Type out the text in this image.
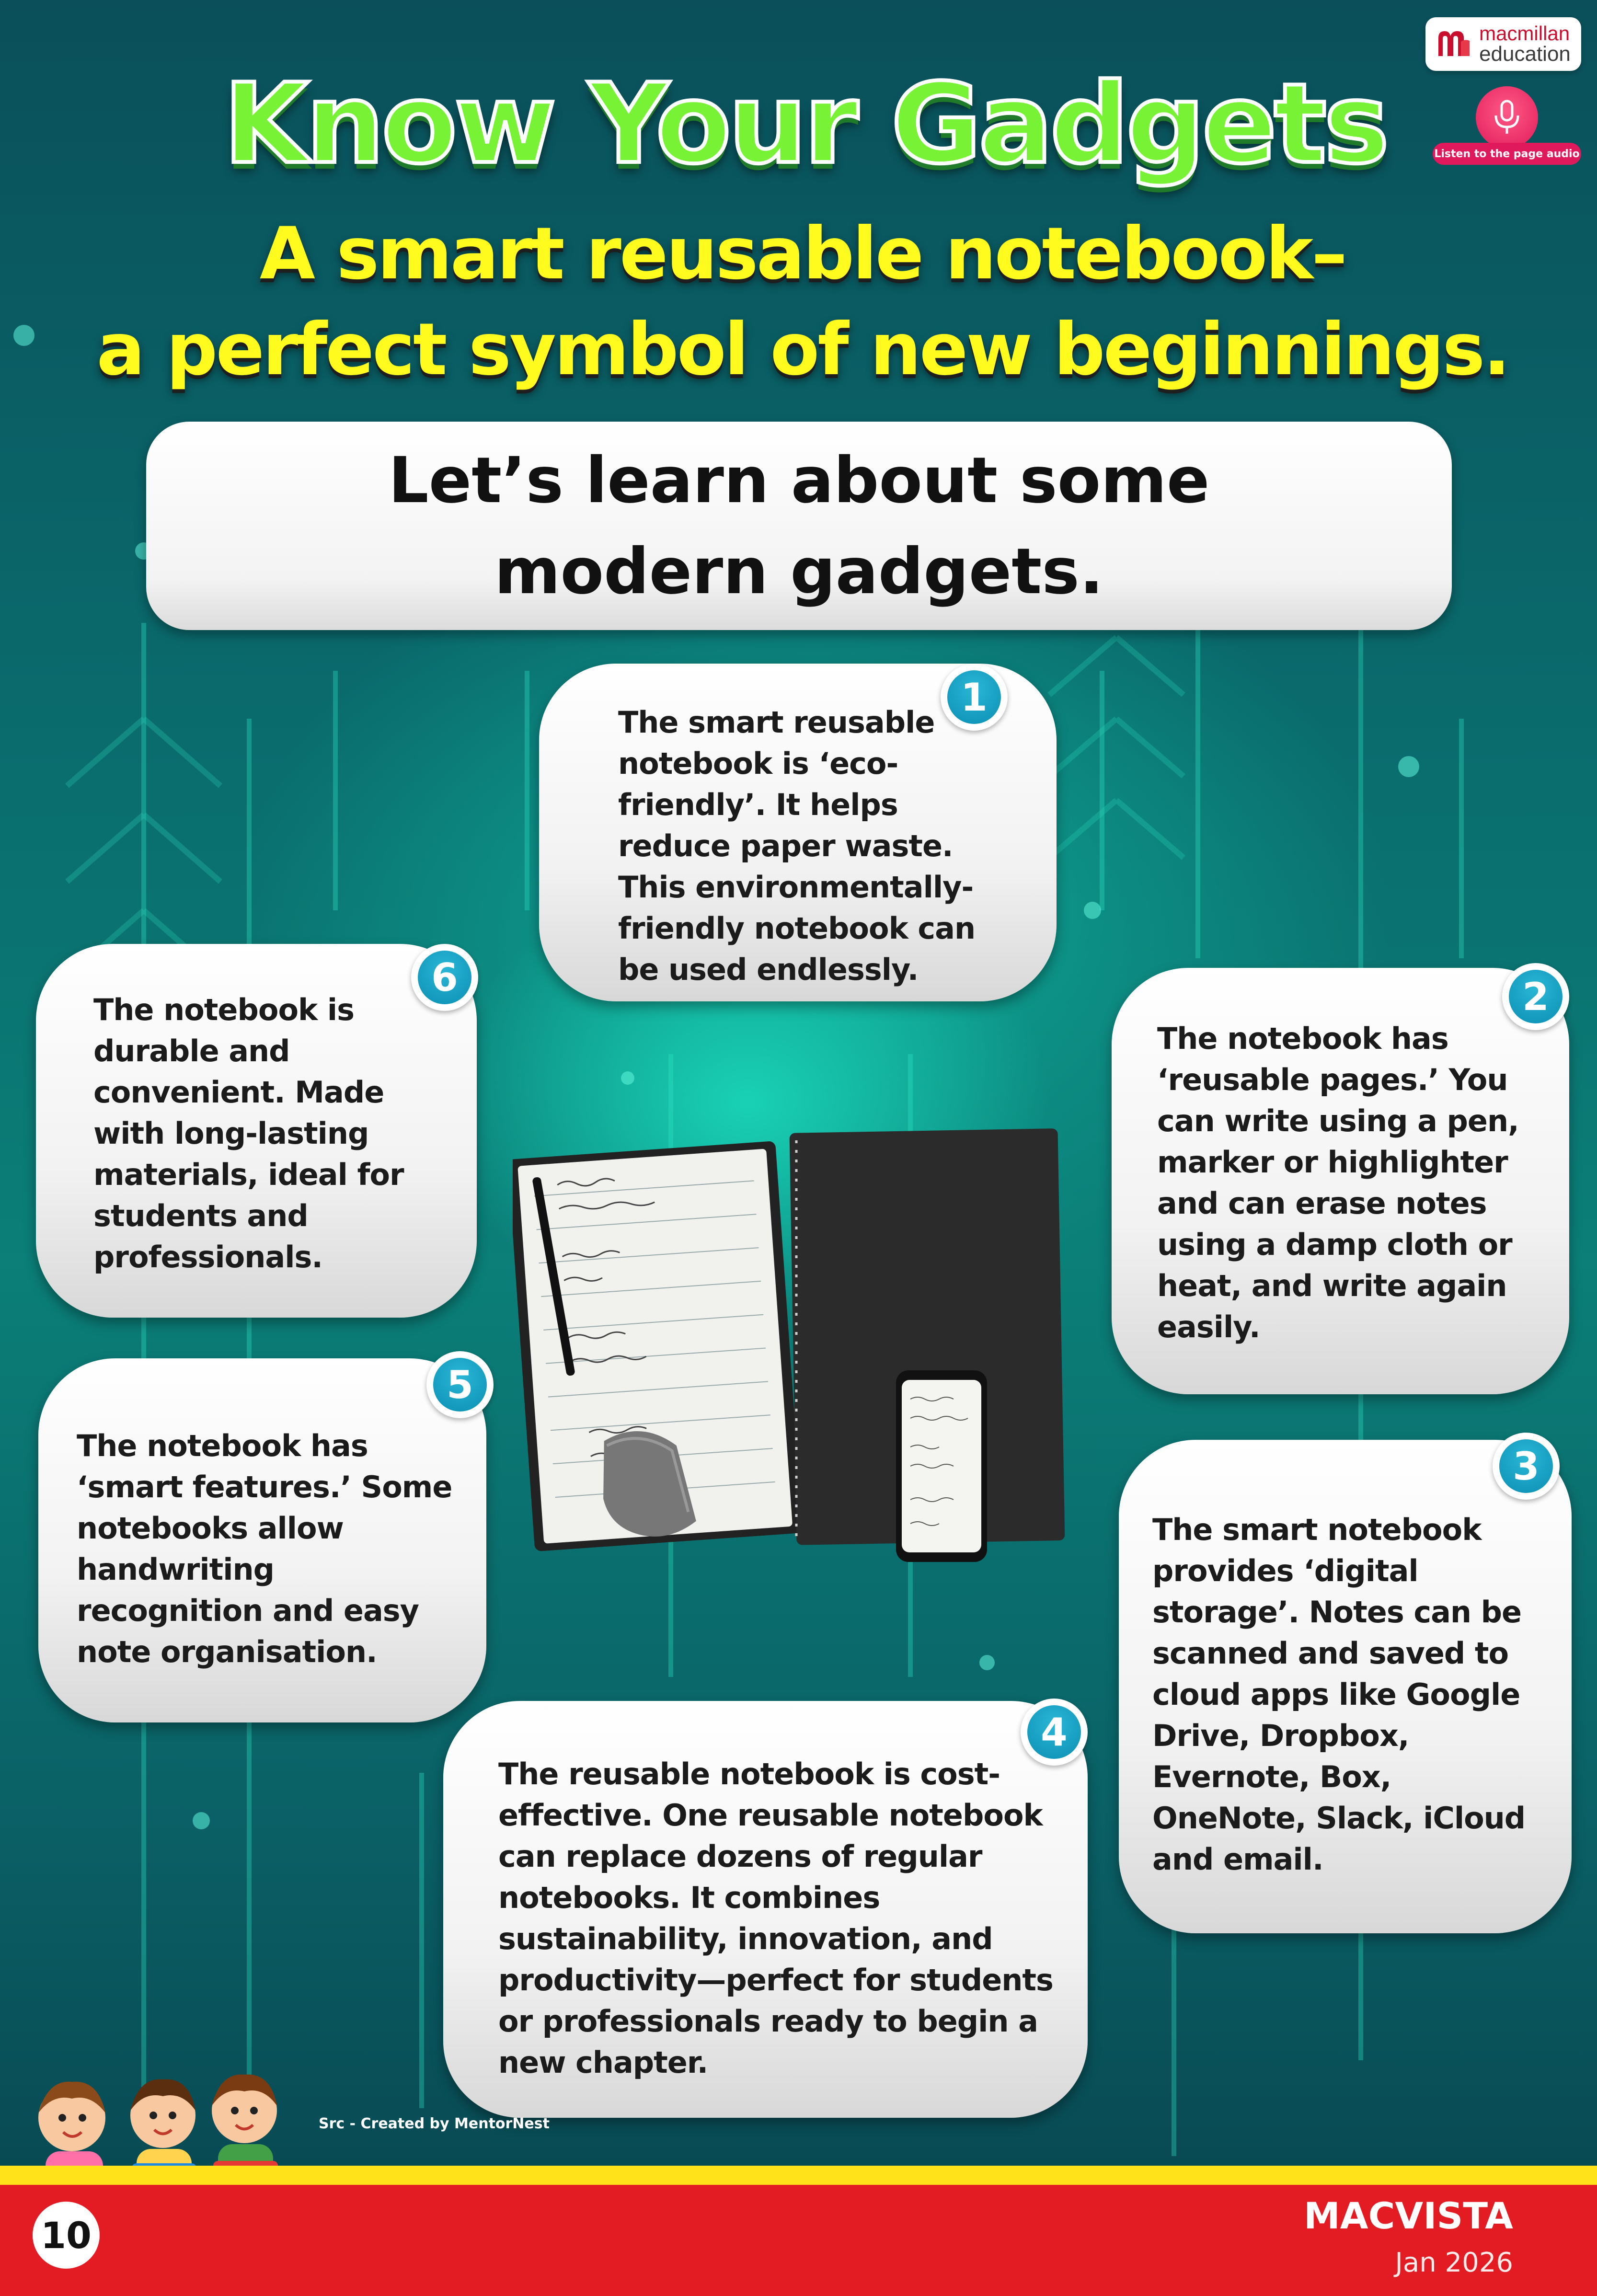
macmillan
education
Listen to the page audio
Know Your Gadgets
A smart reusable notebook–
a perfect symbol of new beginnings.
Let’s learn about some modern gadgets.
The smart reusable notebook is ‘eco-friendly’. It helps reduce paper waste. This environmentally-friendly notebook can be used endlessly.
1
The notebook has ‘reusable pages.’ You can write using a pen, marker or highlighter and can erase notes using a damp cloth or heat, and write again easily.
2
The smart notebook provides ‘digital storage’. Notes can be scanned and saved to cloud apps like Google Drive, Dropbox, Evernote, Box, OneNote, Slack, iCloud and email.
3
The reusable notebook is cost-effective. One reusable notebook can replace dozens of regular notebooks. It combines sustainability, innovation, and productivity—perfect for students or professionals ready to begin a new chapter.
4
The notebook has ‘smart features.’ Some notebooks allow handwriting recognition and easy note organisation.
5
The notebook is durable and convenient. Made with long-lasting materials, ideal for students and professionals.
6
Src - Created by MentorNest
10	MACVISTA
Jan 2026
